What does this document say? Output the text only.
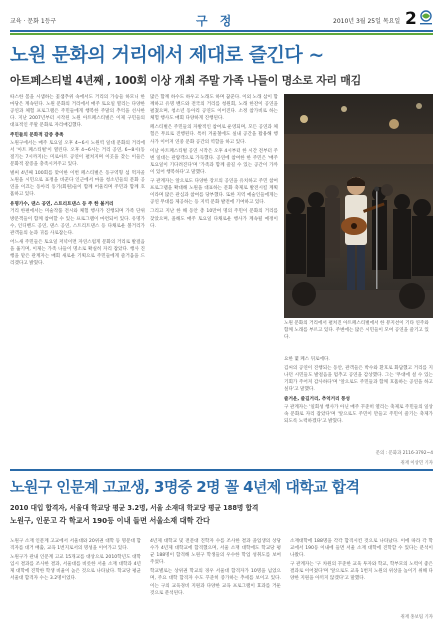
교육 · 문화 1등구	구 정	2010년 3월 25일 목요일 2
노원 문화의 거리에서 제대로 즐긴다 ~
아트페스티벌 4년째 , 100회 이상 개최 주말 가족 나들이 명소로 자리 매김

따스한 봄을 시샘하는 꽃샘추위 속에서도 거리의 가승들 하모니 한마당은 계속된다. 노원 문화의 거리에서 매주 토요일 열리는 다양한 공연과 체험 프로그램은 주민들에게 행복한 주말의 추억을 선사한다. 지난 2007년부터 시작된 노원 아트페스티벌은 이제 구민들의 대표적인 주말 문화로 자리매김했다.

주민들의 문화적 갈증 충족

노원구에서는 매주 토요일 오후 4~6시 노원역 일대 문화의 거리에서 '아트 페스티벌'이 열린다. 오후 4~6시는 거리 공연, 6~8시(동절기는 7시까지)는 미로아트 공연이 펼쳐지며 이곳을 찾는 이들은 문화적 갈증을 충족시켜주고 있다.

벌써 4년째 100회를 맞이한 이번 페스티벌은 동구역형 섬 먹자골 노원을 시민으로 표정을 바꾼다 인근에서 마을 청소년들의 문화 공연을 이끄는 동아리 동기(회원)들이 함께 어울리며 주민과 함께 호흡하고 있다.

유명가수, 댄스 공연, 스트리트댄스 등 주 한 볼거리

거리 한편에서는 미술작품 전시와 체험 행사가 진행되며 가족 단위 방문객들이 함께 참여할 수 있는 프로그램이 마련되어 있다. 유명가수, 인디밴드 공연, 댄스 공연, 스트리트댄스 등 다채로운 볼거리가 관객들의 눈과 귀를 사로잡는다.

어느새 주민들은 토요일 저녁이면 자연스럽게 문화의 거리로 발걸음을 옮기며, 이제는 가족 나들이 명소로 확실히 자리 잡았다. 행사 진행을 맡은 관계자는 매회 새로운 기획으로 주민들에게 즐거움을 드리겠다고 밝혔다.

많은 함께 하수도 하우고 노래도 하며 꿈꾼다. 이외 노래 삼이 함께하고 유명 밴드와 전국의 거리를 청원회, 노래 한잔이 공연을 펼쳤으며, 청소년 동아리 공연도 이어진다. 소정 참가비로 하는 체험 행사도 매회 다양하게 진행된다.

페스티벌은 주민들의 자발적인 참여로 운영되며, 모든 공연과 체험은 무료로 진행된다. 특히 겨울철에도 실내 공간을 활용해 행사가 이어져 연중 문화 공간의 역할을 하고 있다.

이날 아트페스티벌 공연 시작은 오후 4시부터 한 시간 전부터 주변 일대는 관람객으로 가득했다. 공연에 참여한 한 주민은 '매주 토요일이 기다려진다'며 '가족과 함께 즐길 수 있는 공간이 가까이 있어 행복하다'고 말했다.

구 관계자는 앞으로도 다양한 장르의 공연을 유치하고 주민 참여 프로그램을 확대해 노원을 대표하는 문화 축제로 발전시킬 계획이라며 많은 관심과 참여를 당부했다. 또한 지역 예술인들에게는 공연 무대를 제공하는 등 지역 문화 발전에 기여하고 있다.

그리고 지난 한 해 동안 총 10만여 명의 주민이 문화의 거리를 찾았으며, 올해도 매주 토요일 다채로운 행사가 계속될 예정이다.

노원 문화의 거리에서 펼쳐진 아트페스티벌에서 한 뮤지션이 기타 연주와 함께 노래를 부르고 있다. 주변에는 많은 시민들이 모여 공연을 즐기고 있다.

요한 몇 페스 뒤로에다.

김씨의 공연이 진행되는 동안, 관객들은 박수와 환호로 화답했고 거리를 지나던 시민들도 발걸음을 멈추고 공연을 감상했다. 그는 '무대에 설 수 있는 기회가 주어져 감사하다'며 '앞으로도 주민들과 함께 호흡하는 공연을 하고 싶다'고 말했다.

즐거운, 즐길거리, 추억거리 풍성

구 관계자는 '일회성 행사가 아닌 매주 꾸준히 열리는 축제로 주민들의 일상 속 문화로 자리 잡았다'며 '앞으로도 주민이 만들고 주민이 즐기는 축제가 되도록 노력하겠다'고 밝혔다.

문의 : 문화과 2116-3792~4
취재 이상민 기자
노원구 인문계 고교생, 3명중 2명 꼴 4년제 대학교 합격
2010 대입 합격자, 서울대 학교당 평균 3.2명, 서울 소재대 학교당 평균 188명 합격
노원구, 인문고 각 학교서 190등 이내 들면 서울소재 대학 간다

노원구 소재 인문계 고교에서 서울대와 20위권 대학 등 명문대 합격자를 대거 배출, 교육 1번지로서의 명성을 이어가고 있다.

노원구가 관내 인문계 고교 15개교를 대상으로 2010학년도 대학입시 결과를 조사한 결과, 서울대를 비롯한 서울 소재 대학과 4년제 대학에 진학한 학생 비율이 높은 것으로 나타났다. 학교당 평균 서울대 합격자 수는 3.2명이었다.

4년제 대학교 및 전문대 진학자 수를 조사한 결과 졸업생의 상당수가 4년제 대학교에 합격했으며, 서울 소재 대학에도 학교당 평균 188명이 합격해 노원구 학생들의 우수한 학업 성취도를 보여주었다.

학교별로는 상위권 학교의 경우 서울대 합격자가 10명을 넘었으며, 주요 대학 합격자 수도 꾸준히 증가하는 추세를 보이고 있다. 이는 구의 교육경비 지원과 다양한 교육 프로그램이 효과를 거둔 것으로 분석된다.

소재대학에 188명을 각각 합격시킨 것으로 나타났다. 이에 따라 각 학교에서 190등 이내에 들면 서울 소재 대학에 진학할 수 있다는 분석이 나왔다.

구 관계자는 '구 차원의 꾸준한 교육 투자와 학교, 학부모의 노력이 좋은 결과로 이어졌다'며 '앞으로도 교육 1번지 노원의 위상을 높이기 위해 다양한 지원을 아끼지 않겠다'고 말했다.

취재 홍보팀 기자
